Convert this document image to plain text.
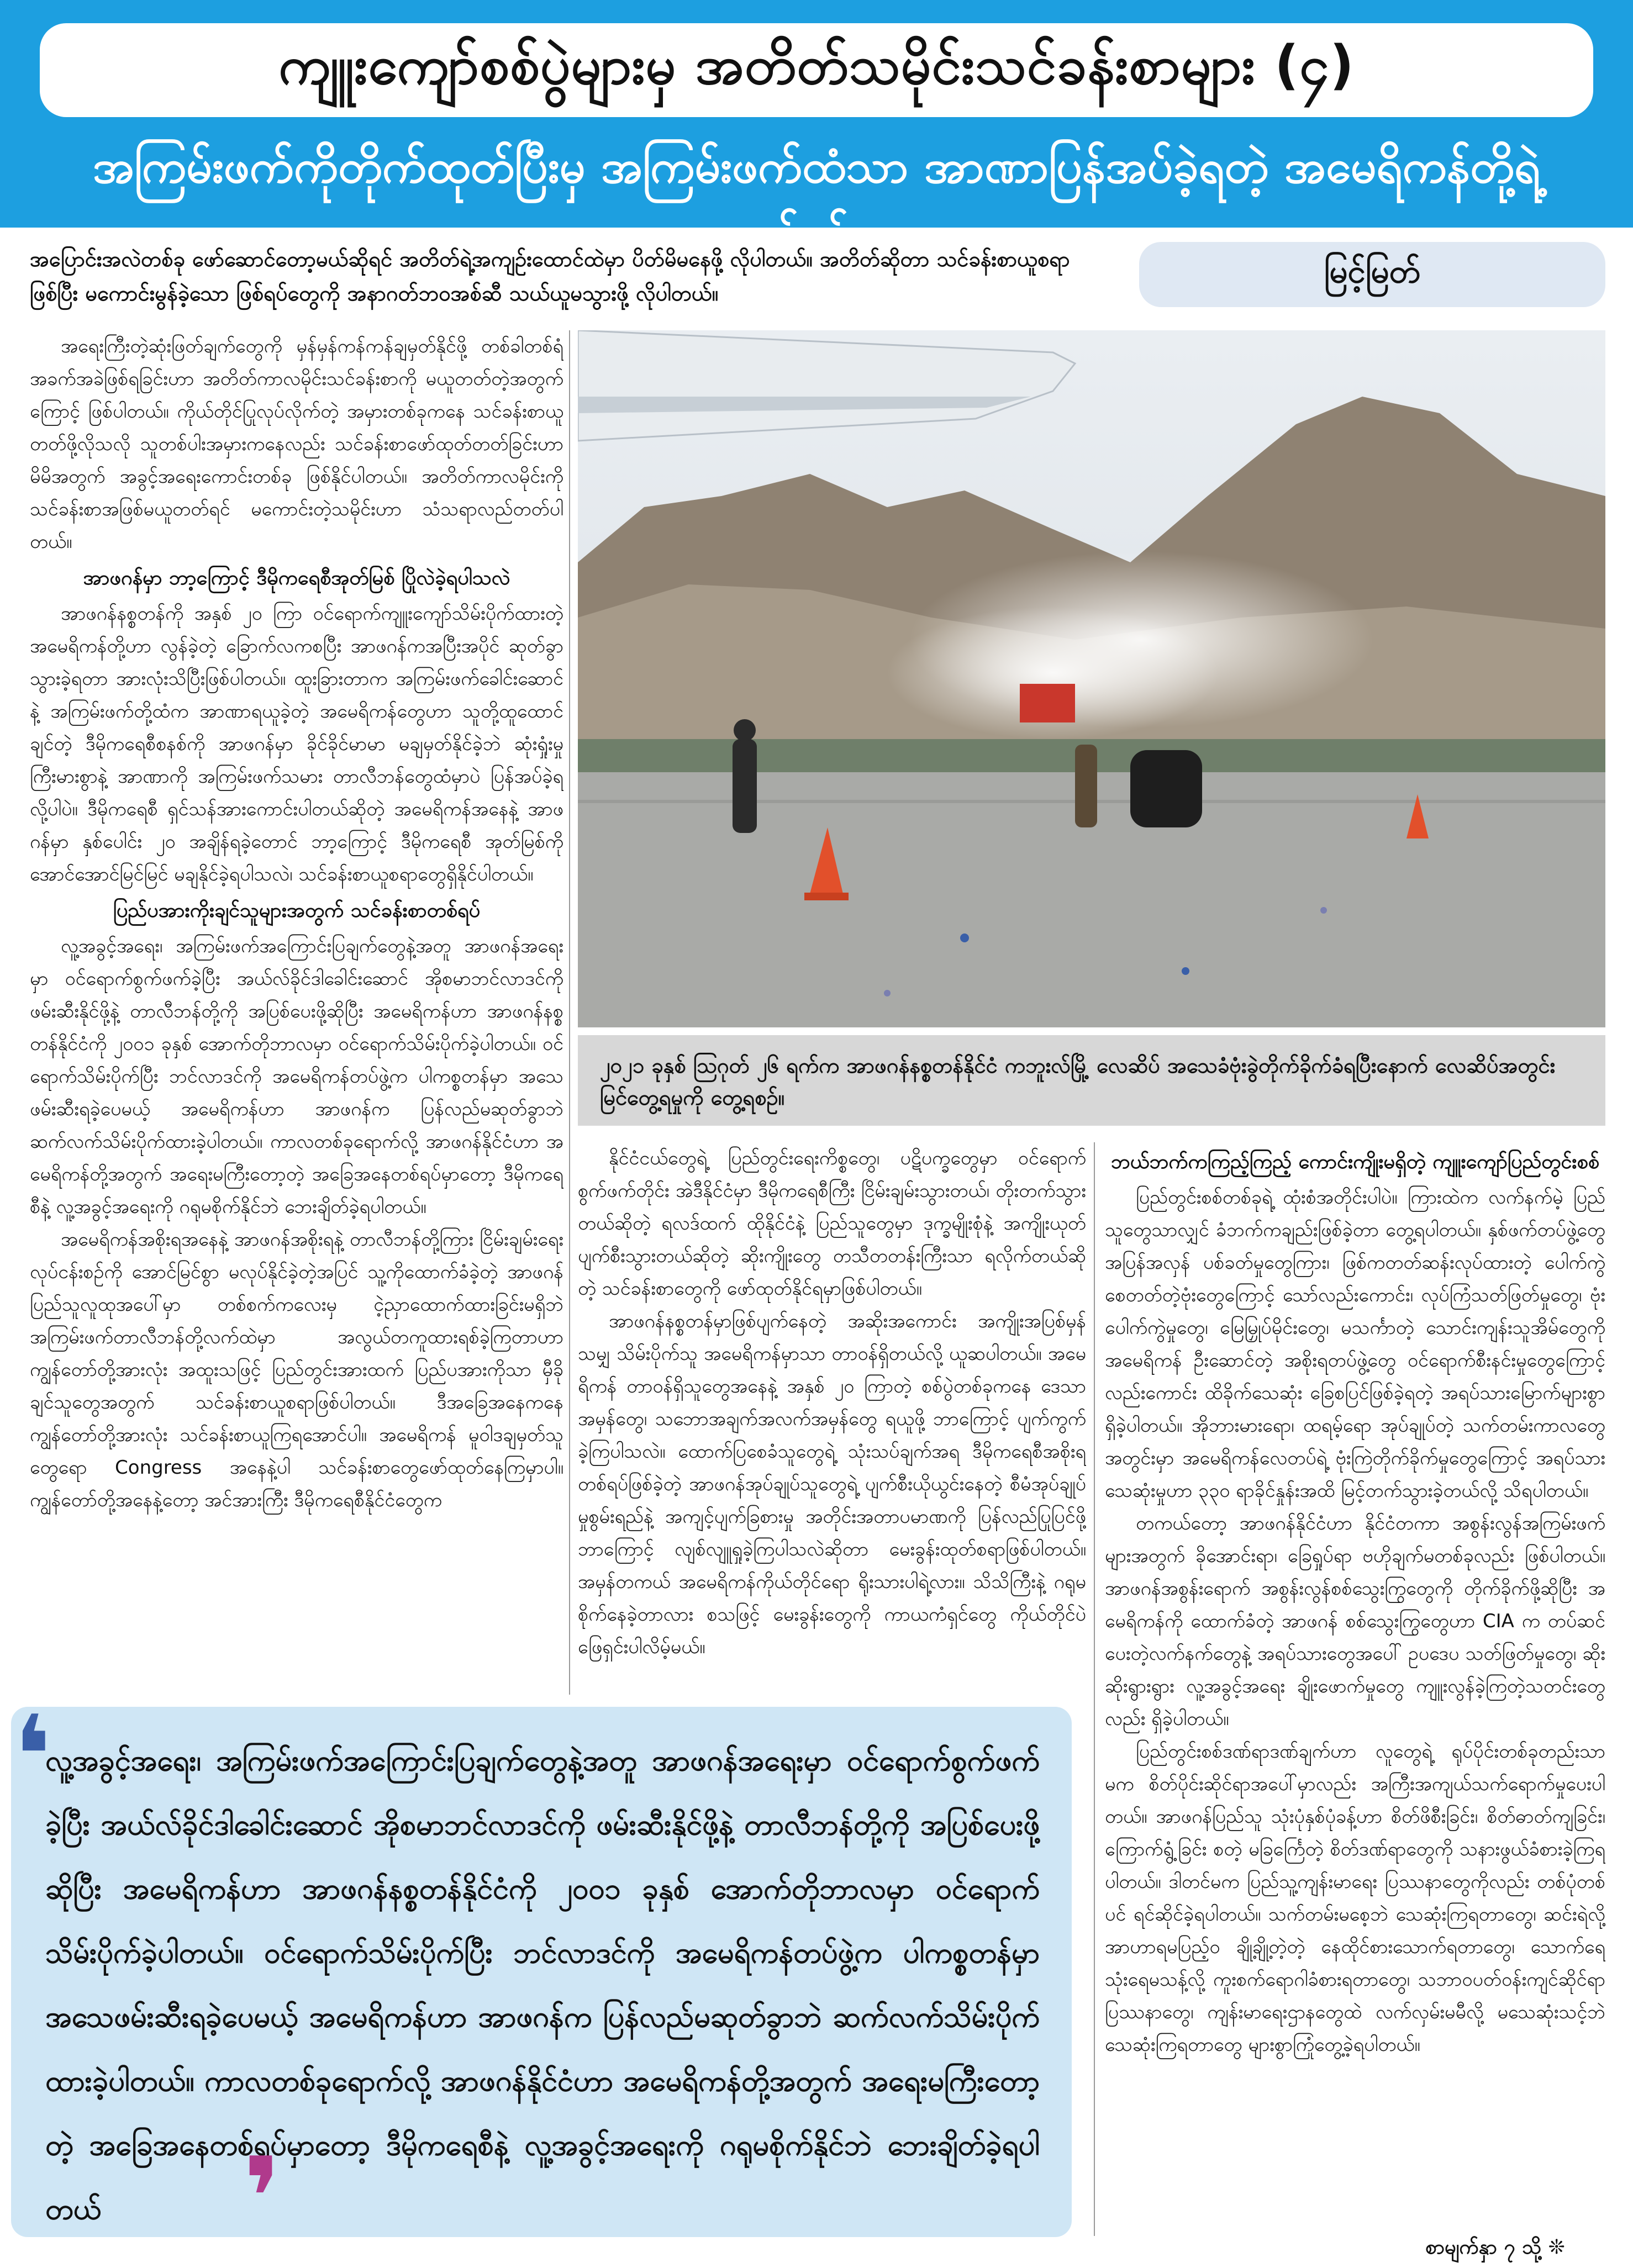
ကျူးကျော်စစ်ပွဲများမှ အတိတ်သမိုင်းသင်ခန်းစာများ (၄)
အကြမ်းဖက်ကိုတိုက်ထုတ်ပြီးမှ အကြမ်းဖက်ထံသာ အာဏာပြန်အပ်ခဲ့ရတဲ့ အမေရိကန်တို့ရဲ့ သင်ခန်းစာ
အပြောင်းအလဲတစ်ခု ဖော်ဆောင်တော့မယ်ဆိုရင် အတိတ်ရဲ့အကျဉ်းထောင်ထဲမှာ ပိတ်မိမနေဖို့ လိုပါတယ်။ အတိတ်ဆိုတာ သင်ခန်းစာယူစရာဖြစ်ပြီး မကောင်းမွန်ခဲ့သော ဖြစ်ရပ်တွေကို အနာဂတ်ဘဝအစ်ဆီ သယ်ယူမသွားဖို့ လိုပါတယ်။
မြင့်မြတ်

အရေးကြီးတဲ့ဆုံးဖြတ်ချက်တွေကို မှန်မှန်ကန်ကန်ချမှတ်နိုင်ဖို့ တစ်ခါတစ်ရံ အခက်အခဲဖြစ်ရခြင်းဟာ အတိတ်ကာလမိုင်းသင်ခန်းစာကို မယူတတ်တဲ့အတွက်ကြောင့် ဖြစ်ပါတယ်။ ကိုယ်တိုင်ပြုလုပ်လိုက်တဲ့ အမှားတစ်ခုကနေ သင်ခန်းစာယူတတ်ဖို့လိုသလို သူတစ်ပါးအမှားကနေလည်း သင်ခန်းစာဖော်ထုတ်တတ်ခြင်းဟာ မိမိအတွက် အခွင့်အရေးကောင်းတစ်ခု ဖြစ်နိုင်ပါတယ်။ အတိတ်ကာလမိုင်းကို သင်ခန်းစာအဖြစ်မယူတတ်ရင် မကောင်းတဲ့သမိုင်းဟာ သံသရာလည်တတ်ပါတယ်။

အာဖဂန်မှာ ဘာ့ကြောင့် ဒီမိုကရေစီအုတ်မြစ် ပြိုလဲခဲ့ရပါသလဲ

အာဖဂန်နစ္စတန်ကို အနှစ် ၂၀ ကြာ ဝင်ရောက်ကျူးကျော်သိမ်းပိုက်ထားတဲ့ အမေရိကန်တို့ဟာ လွန်ခဲ့တဲ့ ခြောက်လကစပြီး အာဖဂန်ကအပြီးအပိုင် ဆုတ်ခွာသွားခဲ့ရတာ အားလုံးသိပြီးဖြစ်ပါတယ်။ ထူးခြားတာက အကြမ်းဖက်ခေါင်းဆောင်နဲ့ အကြမ်းဖက်တို့ထံက အာဏာရယူခဲ့တဲ့ အမေရိကန်တွေဟာ သူတို့ထူထောင်ချင်တဲ့ ဒီမိုကရေစီစနစ်ကို အာဖဂန်မှာ ခိုင်ခိုင်မာမာ မချမှတ်နိုင်ခဲ့ဘဲ ဆုံးရှုံးမှုကြီးမားစွာနဲ့ အာဏာကို အကြမ်းဖက်သမား တာလီဘန်တွေထံမှာပဲ ပြန်အပ်ခဲ့ရလို့ပါပဲ။ ဒီမိုကရေစီ ရှင်သန်အားကောင်းပါတယ်ဆိုတဲ့ အမေရိကန်အနေနဲ့ အာဖဂန်မှာ နှစ်ပေါင်း ၂၀ အချိန်ရခဲ့တောင် ဘာ့ကြောင့် ဒီမိုကရေစီ အုတ်မြစ်ကို အောင်အောင်မြင်မြင် မချနိုင်ခဲ့ရပါသလဲ၊ သင်ခန်းစာယူစရာတွေရှိနိုင်ပါတယ်။

ပြည်ပအားကိုးချင်သူများအတွက် သင်ခန်းစာတစ်ရပ်

လူ့အခွင့်အရေး၊ အကြမ်းဖက်အကြောင်းပြချက်တွေနဲ့အတူ အာဖဂန်အရေးမှာ ဝင်ရောက်စွက်ဖက်ခဲ့ပြီး အယ်လ်ခိုင်ဒါခေါင်းဆောင် အိုစမာဘင်လာဒင်ကို ဖမ်းဆီးနိုင်ဖို့နဲ့ တာလီဘန်တို့ကို အပြစ်ပေးဖို့ဆိုပြီး အမေရိကန်ဟာ အာဖဂန်နစ္စတန်နိုင်ငံကို ၂၀၀၁ ခုနှစ် အောက်တိုဘာလမှာ ဝင်ရောက်သိမ်းပိုက်ခဲ့ပါတယ်။ ဝင်ရောက်သိမ်းပိုက်ပြီး ဘင်လာဒင်ကို အမေရိကန်တပ်ဖွဲ့က ပါကစ္စတန်မှာ အသေဖမ်းဆီးရခဲ့ပေမယ့် အမေရိကန်ဟာ အာဖဂန်က ပြန်လည်မဆုတ်ခွာဘဲ ဆက်လက်သိမ်းပိုက်ထားခဲ့ပါတယ်။ ကာလတစ်ခုရောက်လို့ အာဖဂန်နိုင်ငံဟာ အမေရိကန်တို့အတွက် အရေးမကြီးတော့တဲ့ အခြေအနေတစ်ရပ်မှာတော့ ဒီမိုကရေစီနဲ့ လူ့အခွင့်အရေးကို ဂရုမစိုက်နိုင်ဘဲ ဘေးချိတ်ခဲ့ရပါတယ်။

အမေရိကန်အစိုးရအနေနဲ့ အာဖဂန်အစိုးရနဲ့ တာလီဘန်တို့ကြား ငြိမ်းချမ်းရေးလုပ်ငန်းစဉ်ကို အောင်မြင်စွာ မလုပ်နိုင်ခဲ့တဲ့အပြင် သူ့ကိုထောက်ခံခဲ့တဲ့ အာဖဂန်ပြည်သူလူထုအပေါ်မှာ တစ်စက်ကလေးမှ ငဲ့ညှာထောက်ထားခြင်းမရှိဘဲ အကြမ်းဖက်တာလီဘန်တို့လက်ထဲမှာ အလွယ်တကူထားရစ်ခဲ့ကြတာဟာ ကျွန်တော်တို့အားလုံး အထူးသဖြင့် ပြည်တွင်းအားထက် ပြည်ပအားကိုသာ မှီခိုချင်သူတွေအတွက် သင်ခန်းစာယူစရာဖြစ်ပါတယ်။ ဒီအခြေအနေကနေ ကျွန်တော်တို့အားလုံး သင်ခန်းစာယူကြရအောင်ပါ။ အမေရိကန် မူဝါဒချမှတ်သူတွေရော Congress အနေနဲ့ပါ သင်ခန်းစာတွေဖော်ထုတ်နေကြမှာပါ။ ကျွန်တော်တို့အနေနဲ့တော့ အင်အားကြီး ဒီမိုကရေစီနိုင်ငံတွေက

၂၀၂၁ ခုနှစ် ဩဂုတ် ၂၆ ရက်က အာဖဂန်နစ္စတန်နိုင်ငံ ကဘူးလ်မြို့ လေဆိပ် အသေခံဗုံးခွဲတိုက်ခိုက်ခံရပြီးနောက် လေဆိပ်အတွင်း မြင်တွေ့ရမှုကို တွေ့ရစဉ်။

နိုင်ငံငယ်တွေရဲ့ ပြည်တွင်းရေးကိစ္စတွေ၊ ပဋိပက္ခတွေမှာ ဝင်ရောက်စွက်ဖက်တိုင်း အဲဒီနိုင်ငံမှာ ဒီမိုကရေစီကြီး ငြိမ်းချမ်းသွားတယ်၊ တိုးတက်သွားတယ်ဆိုတဲ့ ရလဒ်ထက် ထိုနိုင်ငံနဲ့ ပြည်သူတွေမှာ ဒုက္ခမျိုးစုံနဲ့ အကျိုးယုတ်ပျက်စီးသွားတယ်ဆိုတဲ့ ဆိုးကျိုးတွေ တသီတတန်းကြီးသာ ရလိုက်တယ်ဆိုတဲ့ သင်ခန်းစာတွေကို ဖော်ထုတ်နိုင်ရမှာဖြစ်ပါတယ်။

အာဖဂန်နစ္စတန်မှာဖြစ်ပျက်နေတဲ့ အဆိုးအကောင်း အကျိုးအပြစ်မှန်သမျှ သိမ်းပိုက်သူ အမေရိကန်မှာသာ တာဝန်ရှိတယ်လို့ ယူဆပါတယ်။ အမေရိကန် တာဝန်ရှိသူတွေအနေနဲ့ အနှစ် ၂၀ ကြာတဲ့ စစ်ပွဲတစ်ခုကနေ ဒေသာအမှန်တွေ၊ သဘောအချက်အလက်အမှန်တွေ ရယူဖို့ ဘာကြောင့် ပျက်ကွက်ခဲ့ကြပါသလဲ။ ထောက်ပြစေခံသူတွေရဲ့ သုံးသပ်ချက်အရ ဒီမိုကရေစီအစိုးရတစ်ရပ်ဖြစ်ခဲ့တဲ့ အာဖဂန်အုပ်ချုပ်သူတွေရဲ့ ပျက်စီးယိုယွင်းနေတဲ့ စီမံအုပ်ချုပ်မှုစွမ်းရည်နဲ့ အကျင့်ပျက်ခြစားမှု အတိုင်းအတာပမာဏကို ပြန်လည်ပြုပြင်ဖို့ ဘာကြောင့် လျစ်လျူရှုခဲ့ကြပါသလဲဆိုတာ မေးခွန်းထုတ်စရာဖြစ်ပါတယ်။ အမှန်တကယ် အမေရိကန်ကိုယ်တိုင်ရော ရိုးသားပါရဲ့လား။ သိသိကြီးနဲ့ ဂရုမစိုက်နေခဲ့တာလား စသဖြင့် မေးခွန်းတွေကို ကာယကံရှင်တွေ ကိုယ်တိုင်ပဲ ဖြေရှင်းပါလိမ့်မယ်။

ဘယ်ဘက်ကကြည့်ကြည့် ကောင်းကျိုးမရှိတဲ့ ကျူးကျော်ပြည်တွင်းစစ်

ပြည်တွင်းစစ်တစ်ခုရဲ့ ထုံးစံအတိုင်းပါပဲ။ ကြားထဲက လက်နက်မဲ့ ပြည်သူတွေသာလျှင် ခံဘက်ကချည်းဖြစ်ခဲ့တာ တွေ့ရပါတယ်။ နှစ်ဖက်တပ်ဖွဲ့တွေ အပြန်အလှန် ပစ်ခတ်မှုတွေကြား၊ ဖြစ်ကတတ်ဆန်းလုပ်ထားတဲ့ ပေါက်ကွဲစေတတ်တဲ့ဗုံးတွေကြောင့် သော်လည်းကောင်း၊ လုပ်ကြံသတ်ဖြတ်မှုတွေ၊ ဗုံးပေါက်ကွဲမှုတွေ၊ မြေမြှုပ်မိုင်းတွေ၊ မသင်္ကာတဲ့ သောင်းကျန်းသူအိမ်တွေကို အမေရိကန် ဦးဆောင်တဲ့ အစိုးရတပ်ဖွဲ့တွေ ဝင်ရောက်စီးနင်းမှုတွေကြောင့်လည်းကောင်း ထိခိုက်သေဆုံး ခြေစပြင်ဖြစ်ခဲ့ရတဲ့ အရပ်သားမြောက်များစွာ ရှိခဲ့ပါတယ်။ အိုဘားမားရော၊ ထရမ့်ရော အုပ်ချုပ်တဲ့ သက်တမ်းကာလတွေအတွင်းမှာ အမေရိကန်လေတပ်ရဲ့ ဗုံးကြဲတိုက်ခိုက်မှုတွေကြောင့် အရပ်သားသေဆုံးမှုဟာ ၃၃၀ ရာခိုင်နှုန်းအထိ မြင့်တက်သွားခဲ့တယ်လို့ သိရပါတယ်။

တကယ်တော့ အာဖဂန်နိုင်ငံဟာ နိုင်ငံတကာ အစွန်းလွန်အကြမ်းဖက်များအတွက် ခိုအောင်းရာ၊ ခြေရှုပ်ရာ ဗဟိုချက်မတစ်ခုလည်း ဖြစ်ပါတယ်။ အာဖဂန်အစွန်းရောက် အစွန်းလွန်စစ်သွေးကြွတွေကို တိုက်ခိုက်ဖို့ဆိုပြီး အမေရိကန်ကို ထောက်ခံတဲ့ အာဖဂန် စစ်သွေးကြွတွေဟာ CIA က တပ်ဆင်ပေးတဲ့လက်နက်တွေနဲ့ အရပ်သားတွေအပေါ် ဥပဒေပ သတ်ဖြတ်မှုတွေ၊ ဆိုးဆိုးရွားရွား လူ့အခွင့်အရေး ချိုးဖောက်မှုတွေ ကျူးလွန်ခဲ့ကြတဲ့သတင်းတွေလည်း ရှိခဲ့ပါတယ်။

ပြည်တွင်းစစ်ဒဏ်ရာဒဏ်ချက်ဟာ လူတွေရဲ့ ရုပ်ပိုင်းတစ်ခုတည်းသာမက စိတ်ပိုင်းဆိုင်ရာအပေါ်မှာလည်း အကြီးအကျယ်သက်ရောက်မှုပေးပါတယ်။ အာဖဂန်ပြည်သူ သုံးပုံနှစ်ပုံခန့်ဟာ စိတ်ဖိစီးခြင်း၊ စိတ်ဓာတ်ကျခြင်း၊ ကြောက်ရွံ့ခြင်း စတဲ့ မခြင်္ကြေတဲ့ စိတ်ဒဏ်ရာတွေကို သနားဖွယ်ခံစားခဲ့ကြရပါတယ်။ ဒါတင်မက ပြည်သူ့ကျန်းမာရေး ပြဿနာတွေကိုလည်း တစ်ပုံတစ်ပင် ရင်ဆိုင်ခဲ့ရပါတယ်။ သက်တမ်းမစေ့ဘဲ သေဆုံးကြရတာတွေ၊ ဆင်းရဲလို့ အာဟာရမပြည့်ဝ ချို့ချို့တဲ့တဲ့ နေထိုင်စားသောက်ရတာတွေ၊ သောက်ရေသုံးရေမသန့်လို့ ကူးစက်ရောဂါခံစားရတာတွေ၊ သဘာဝပတ်ဝန်းကျင်ဆိုင်ရာပြဿနာတွေ၊ ကျန်းမာရေးဌာနတွေထဲ လက်လှမ်းမမီလို့ မသေဆုံးသင့်ဘဲ သေဆုံးကြရတာတွေ များစွာကြုံတွေ့ခဲ့ရပါတယ်။

❛
လူ့အခွင့်အရေး၊ အကြမ်းဖက်အကြောင်းပြချက်တွေနဲ့အတူ အာဖဂန်အရေးမှာ ဝင်ရောက်စွက်ဖက်ခဲ့ပြီး အယ်လ်ခိုင်ဒါခေါင်းဆောင် အိုစမာဘင်လာဒင်ကို ဖမ်းဆီးနိုင်ဖို့နဲ့ တာလီဘန်တို့ကို အပြစ်ပေးဖို့ဆိုပြီး အမေရိကန်ဟာ အာဖဂန်နစ္စတန်နိုင်ငံကို ၂၀၀၁ ခုနှစ် အောက်တိုဘာလမှာ ဝင်ရောက်သိမ်းပိုက်ခဲ့ပါတယ်။ ဝင်ရောက်သိမ်းပိုက်ပြီး ဘင်လာဒင်ကို အမေရိကန်တပ်ဖွဲ့က ပါကစ္စတန်မှာ အသေဖမ်းဆီးရခဲ့ပေမယ့် အမေရိကန်ဟာ အာဖဂန်က ပြန်လည်မဆုတ်ခွာဘဲ ဆက်လက်သိမ်းပိုက်ထားခဲ့ပါတယ်။ ကာလတစ်ခုရောက်လို့ အာဖဂန်နိုင်ငံဟာ အမေရိကန်တို့အတွက် အရေးမကြီးတော့တဲ့ အခြေအနေတစ်ရပ်မှာတော့ ဒီမိုကရေစီနဲ့ လူ့အခွင့်အရေးကို ဂရုမစိုက်နိုင်ဘဲ ဘေးချိတ်ခဲ့ရပါတယ်	❜	စာမျက်နှာ ၇ သို့ ❊
